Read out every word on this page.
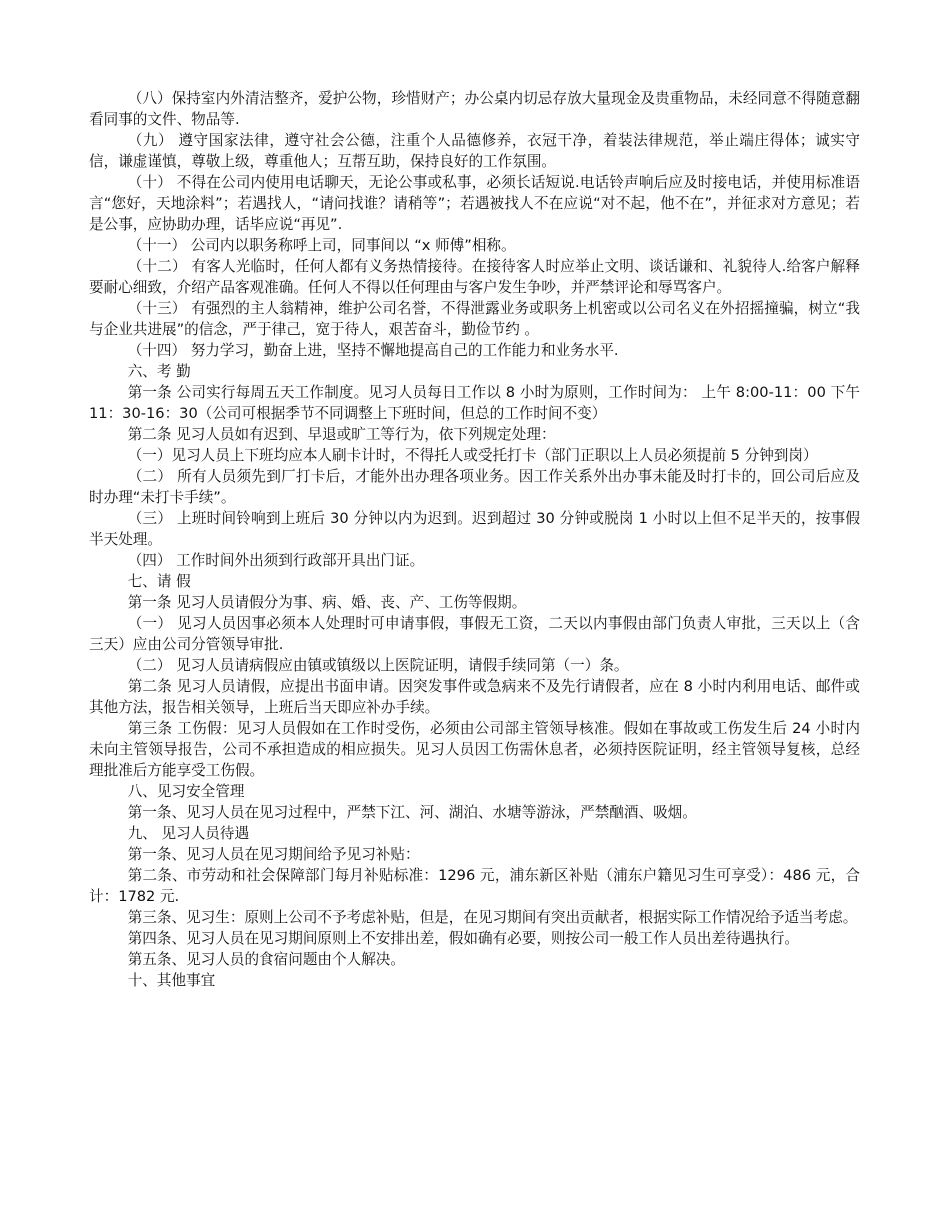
（八）保持室内外清洁整齐，爱护公物，珍惜财产；办公桌内切忌存放大量现金及贵重物品，未经同意不得随意翻看同事的文件、物品等.

（九） 遵守国家法律，遵守社会公德，注重个人品德修养，衣冠干净，着装法律规范，举止端庄得体；诚实守信，谦虚谨慎，尊敬上级，尊重他人；互帮互助，保持良好的工作氛围。

（十） 不得在公司内使用电话聊天，无论公事或私事，必须长话短说.电话铃声响后应及时接电话，并使用标准语言“您好，天地涂料”；若遇找人，“请问找谁？请稍等”；若遇被找人不在应说“对不起，他不在”，并征求对方意见；若是公事，应协助办理，话毕应说“再见”.

（十一） 公司内以职务称呼上司，同事间以 “x 师傅”相称。

（十二） 有客人光临时，任何人都有义务热情接待。在接待客人时应举止文明、谈话谦和、礼貌待人.给客户解释要耐心细致，介绍产品客观准确。任何人不得以任何理由与客户发生争吵，并严禁评论和辱骂客户。

（十三） 有强烈的主人翁精神，维护公司名誉，不得泄露业务或职务上机密或以公司名义在外招摇撞骗，树立“我与企业共进展”的信念，严于律己，宽于待人，艰苦奋斗，勤俭节约 。

（十四） 努力学习，勤奋上进，坚持不懈地提高自己的工作能力和业务水平.

六、考 勤

第一条 公司实行每周五天工作制度。见习人员每日工作以 8 小时为原则，工作时间为： 上午 8:00-11：00 下午 11：30-16：30（公司可根据季节不同调整上下班时间，但总的工作时间不变）

第二条 见习人员如有迟到、早退或旷工等行为，依下列规定处理：

（一）见习人员上下班均应本人刷卡计时，不得托人或受托打卡（部门正职以上人员必须提前 5 分钟到岗）

（二） 所有人员须先到厂打卡后，才能外出办理各项业务。因工作关系外出办事未能及时打卡的，回公司后应及时办理“未打卡手续”。

（三） 上班时间铃响到上班后 30 分钟以内为迟到。迟到超过 30 分钟或脱岗 1 小时以上但不足半天的，按事假半天处理。

（四） 工作时间外出须到行政部开具出门证。

七、请 假

第一条 见习人员请假分为事、病、婚、丧、产、工伤等假期。

（一） 见习人员因事必须本人处理时可申请事假，事假无工资，二天以内事假由部门负责人审批，三天以上（含三天）应由公司分管领导审批.

（二） 见习人员请病假应由镇或镇级以上医院证明，请假手续同第（一）条。

第二条 见习人员请假，应提出书面申请。因突发事件或急病来不及先行请假者，应在 8 小时内利用电话、邮件或其他方法，报告相关领导，上班后当天即应补办手续。

第三条 工伤假：见习人员假如在工作时受伤，必须由公司部主管领导核准。假如在事故或工伤发生后 24 小时内未向主管领导报告，公司不承担造成的相应损失。见习人员因工伤需休息者，必须持医院证明，经主管领导复核，总经理批准后方能享受工伤假。

八、见习安全管理

第一条、见习人员在见习过程中，严禁下江、河、湖泊、水塘等游泳，严禁酗酒、吸烟。

九、 见习人员待遇

第一条、见习人员在见习期间给予见习补贴：

第二条、市劳动和社会保障部门每月补贴标准：1296 元，浦东新区补贴（浦东户籍见习生可享受）：486 元，合计：1782 元.

第三条、见习生：原则上公司不予考虑补贴，但是，在见习期间有突出贡献者，根据实际工作情况给予适当考虑。

第四条、见习人员在见习期间原则上不安排出差，假如确有必要，则按公司一般工作人员出差待遇执行。

第五条、见习人员的食宿问题由个人解决。

十、其他事宜
